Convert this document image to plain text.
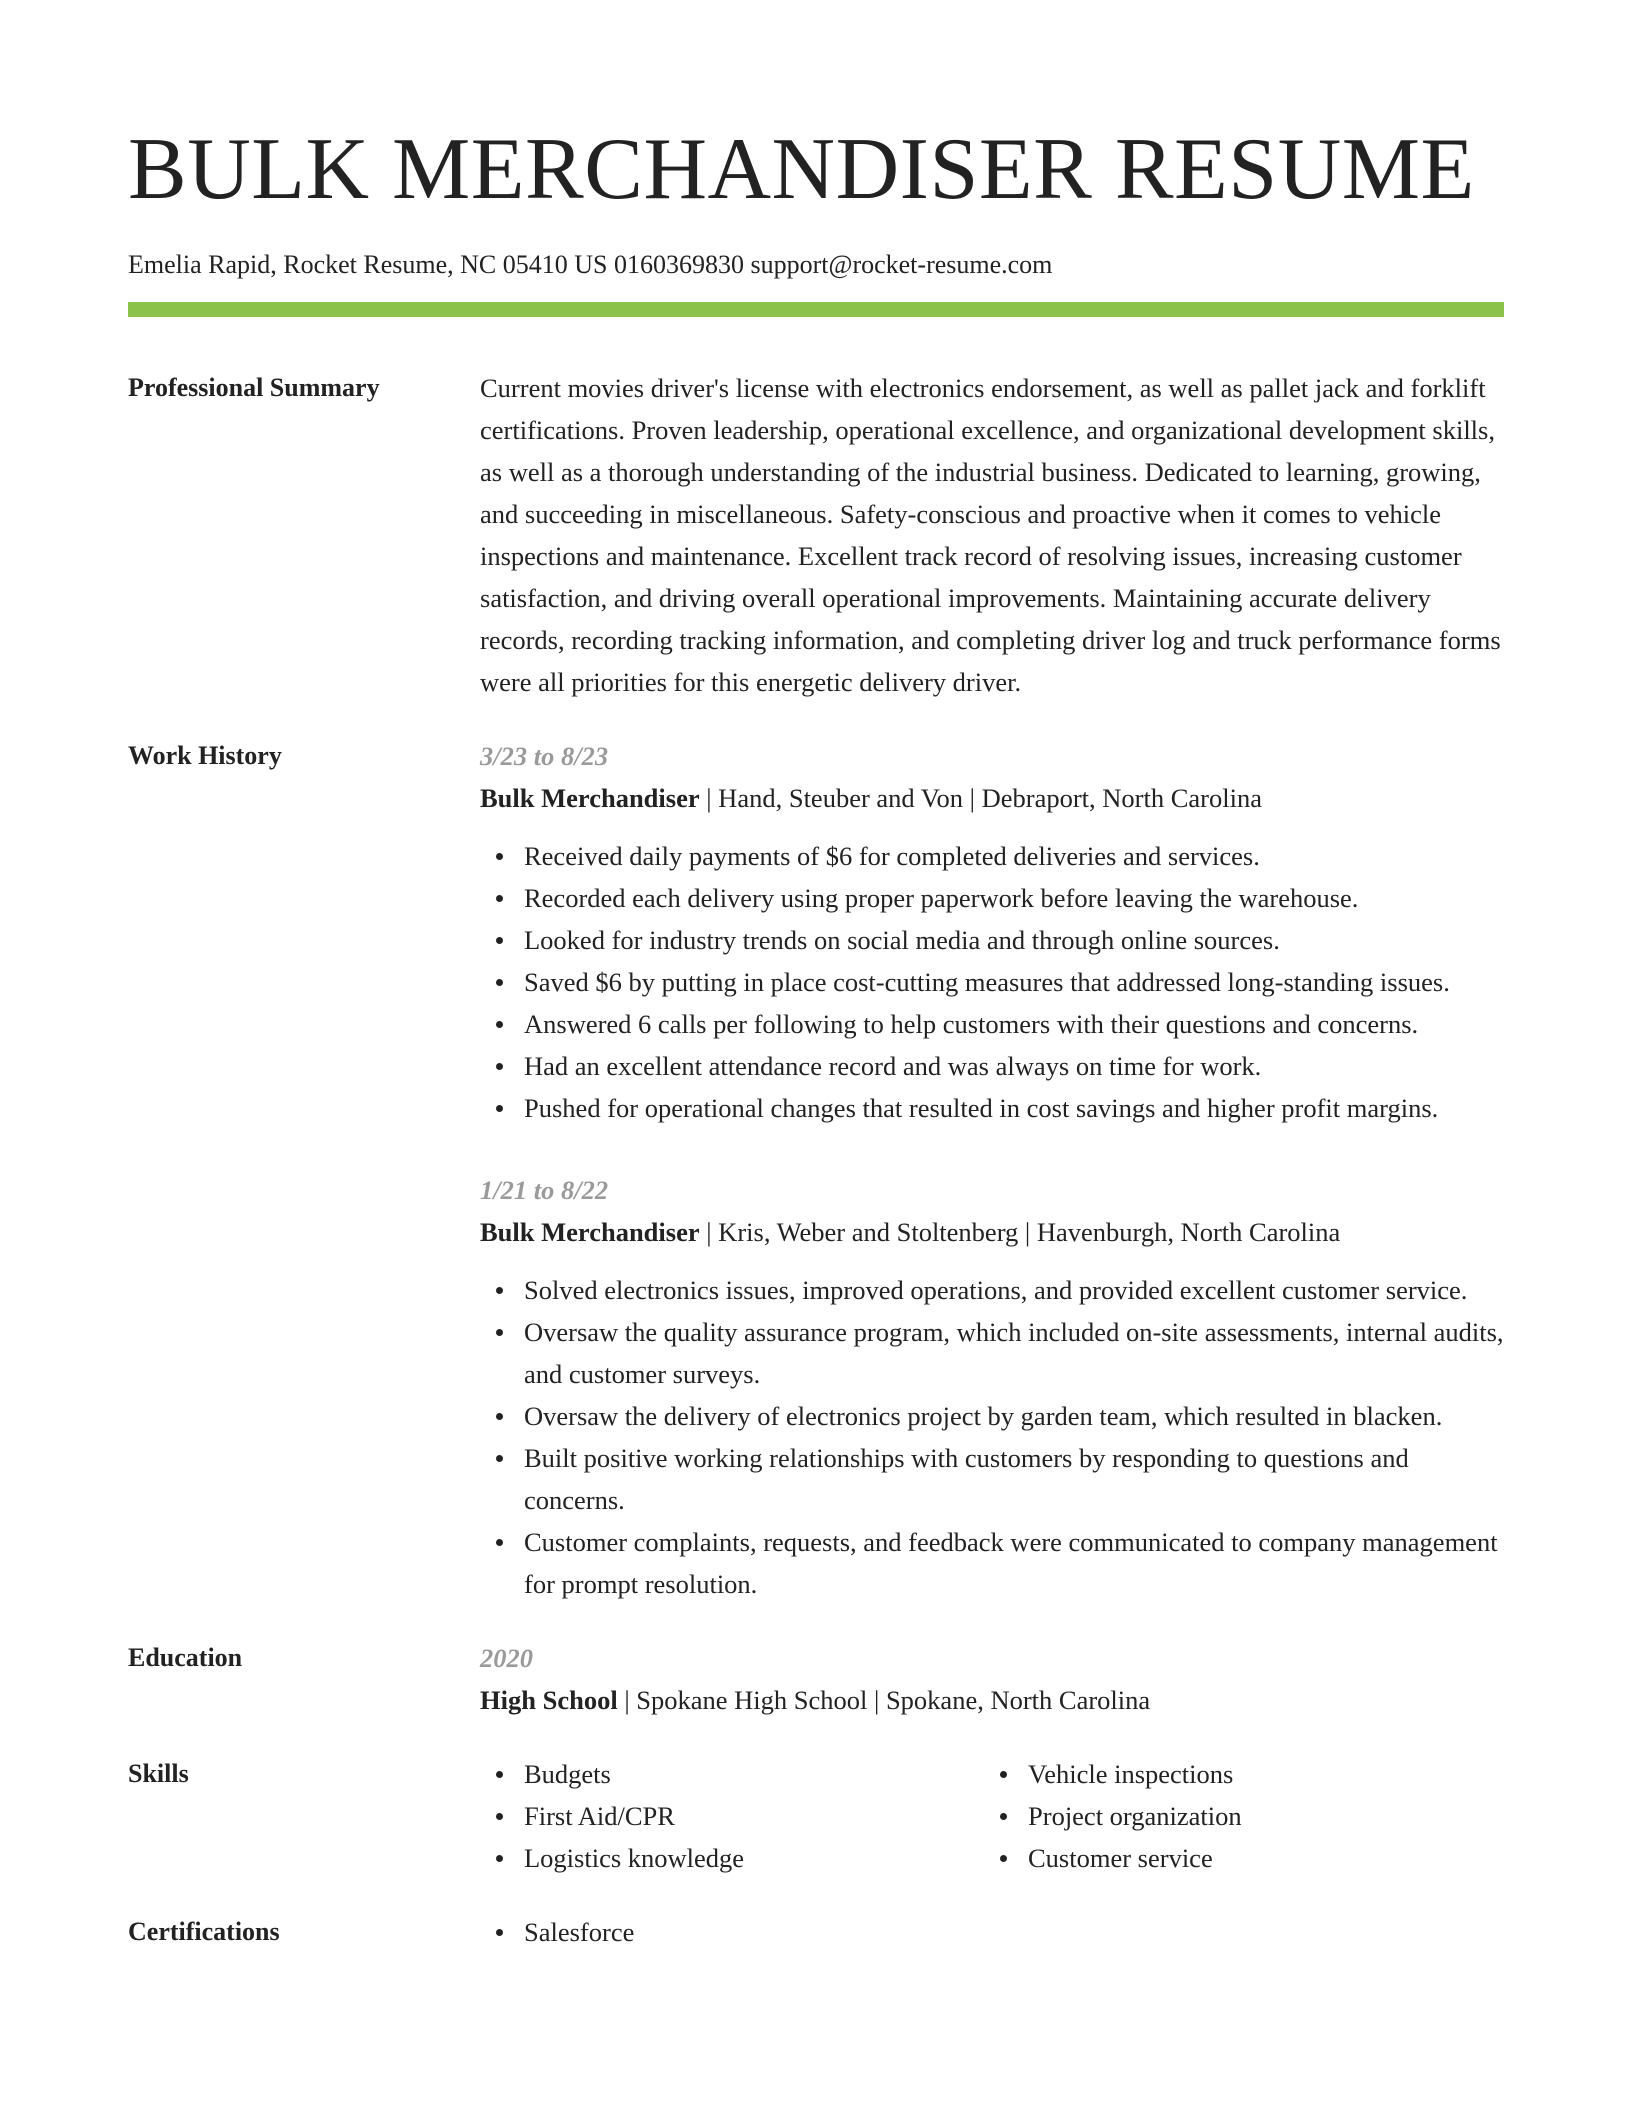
BULK MERCHANDISER RESUME
Emelia Rapid, Rocket Resume, NC 05410 US 0160369830 support@rocket-resume.com
Professional Summary	Current movies driver's license with electronics endorsement, as well as pallet jack and forklift certifications. Proven leadership, operational excellence, and organizational development skills, as well as a thorough understanding of the industrial business. Dedicated to learning, growing, and succeeding in miscellaneous. Safety-conscious and proactive when it comes to vehicle inspections and maintenance. Excellent track record of resolving issues, increasing customer satisfaction, and driving overall operational improvements. Maintaining accurate delivery records, recording tracking information, and completing driver log and truck performance forms were all priorities for this energetic delivery driver.
Work History	3/23 to 8/23
Bulk Merchandiser | Hand, Steuber and Von | Debraport, North Carolina
Received daily payments of $6 for completed deliveries and services.
Recorded each delivery using proper paperwork before leaving the warehouse.
Looked for industry trends on social media and through online sources.
Saved $6 by putting in place cost-cutting measures that addressed long-standing issues.
Answered 6 calls per following to help customers with their questions and concerns.
Had an excellent attendance record and was always on time for work.
Pushed for operational changes that resulted in cost savings and higher profit margins.
1/21 to 8/22
Bulk Merchandiser | Kris, Weber and Stoltenberg | Havenburgh, North Carolina
Solved electronics issues, improved operations, and provided excellent customer service.
Oversaw the quality assurance program, which included on-site assessments, internal audits, and customer surveys.
Oversaw the delivery of electronics project by garden team, which resulted in blacken.
Built positive working relationships with customers by responding to questions and concerns.
Customer complaints, requests, and feedback were communicated to company management for prompt resolution.
Education	2020
High School | Spokane High School | Spokane, North Carolina
Skills	Budgets
First Aid/CPR
Logistics knowledge
Vehicle inspections
Project organization
Customer service
Certifications	Salesforce
